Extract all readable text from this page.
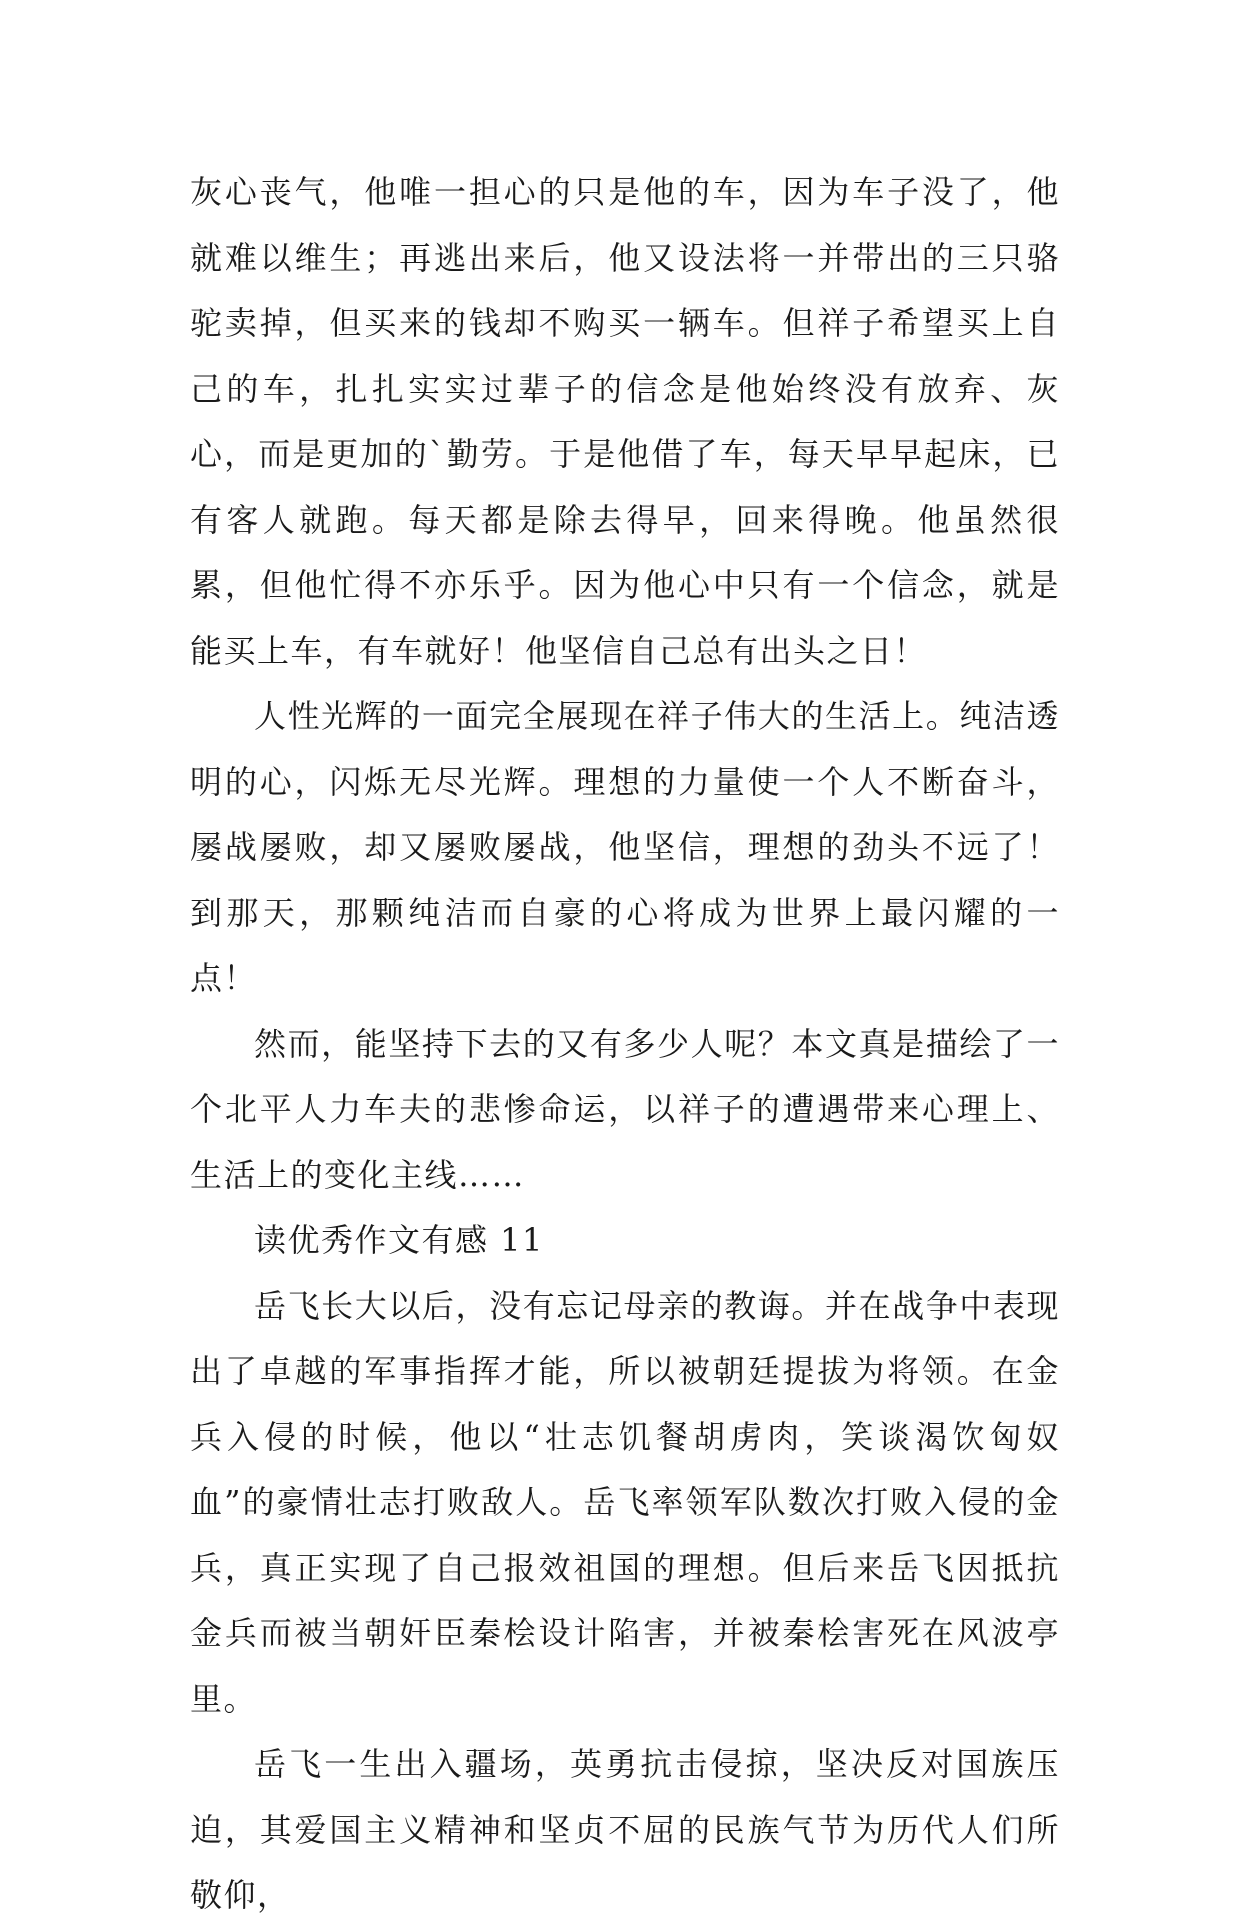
灰心丧气，他唯一担心的只是他的车，因为车子没了，他就难以维生；再逃出来后，他又设法将一并带出的三只骆驼卖掉，但买来的钱却不购买一辆车。但祥子希望买上自己的车，扎扎实实过辈子的信念是他始终没有放弃、灰心，而是更加的`勤劳。于是他借了车，每天早早起床，已有客人就跑。每天都是除去得早，回来得晚。他虽然很累，但他忙得不亦乐乎。因为他心中只有一个信念，就是能买上车，有车就好！他坚信自己总有出头之日！

人性光辉的一面完全展现在祥子伟大的生活上。纯洁透明的心，闪烁无尽光辉。理想的力量使一个人不断奋斗，屡战屡败，却又屡败屡战，他坚信，理想的劲头不远了！到那天，那颗纯洁而自豪的心将成为世界上最闪耀的一点！

然而，能坚持下去的又有多少人呢？本文真是描绘了一个北平人力车夫的悲惨命运，以祥子的遭遇带来心理上、生活上的变化主线……

读优秀作文有感 11

岳飞长大以后，没有忘记母亲的教诲。并在战争中表现出了卓越的军事指挥才能，所以被朝廷提拔为将领。在金兵入侵的时候，他以“壮志饥餐胡虏肉，笑谈渴饮匈奴血”的豪情壮志打败敌人。岳飞率领军队数次打败入侵的金兵，真正实现了自己报效祖国的理想。但后来岳飞因抵抗金兵而被当朝奸臣秦桧设计陷害，并被秦桧害死在风波亭里。

岳飞一生出入疆场，英勇抗击侵掠，坚决反对国族压迫，其爱国主义精神和坚贞不屈的民族气节为历代人们所敬仰，
